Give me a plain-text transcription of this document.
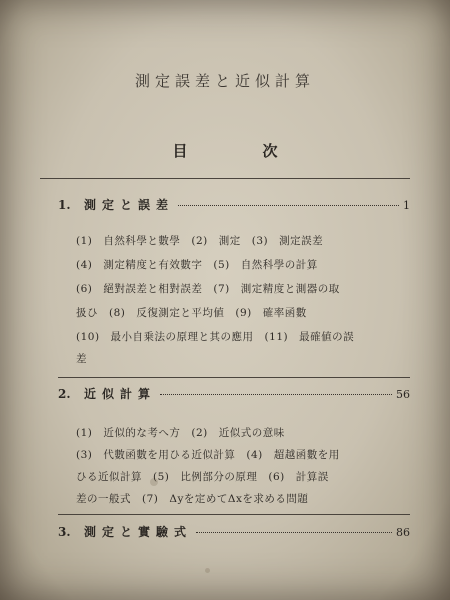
測定誤差と近似計算
目　次
1.	測定と誤差	1
(1)　自然科學と數學　(2)　測定　(3)　測定誤差
(4)　測定精度と有效數字　(5)　自然科學の計算
(6)　絕對誤差と相對誤差　(7)　測定精度と測器の取
扱ひ　(8)　反復測定と平均値　(9)　確率函數
(10)　最小自乗法の原理と其の應用　(11)　最確値の誤
差
2.	近似計算	56
(1)　近似的な考へ方　(2)　近似式の意味
(3)　代數函數を用ひる近似計算　(4)　超越函數を用
ひる近似計算　(5)　比例部分の原理　(6)　計算誤
差の一般式　(7)　Δyを定めてΔxを求める問題
3.	測定と實驗式	86
